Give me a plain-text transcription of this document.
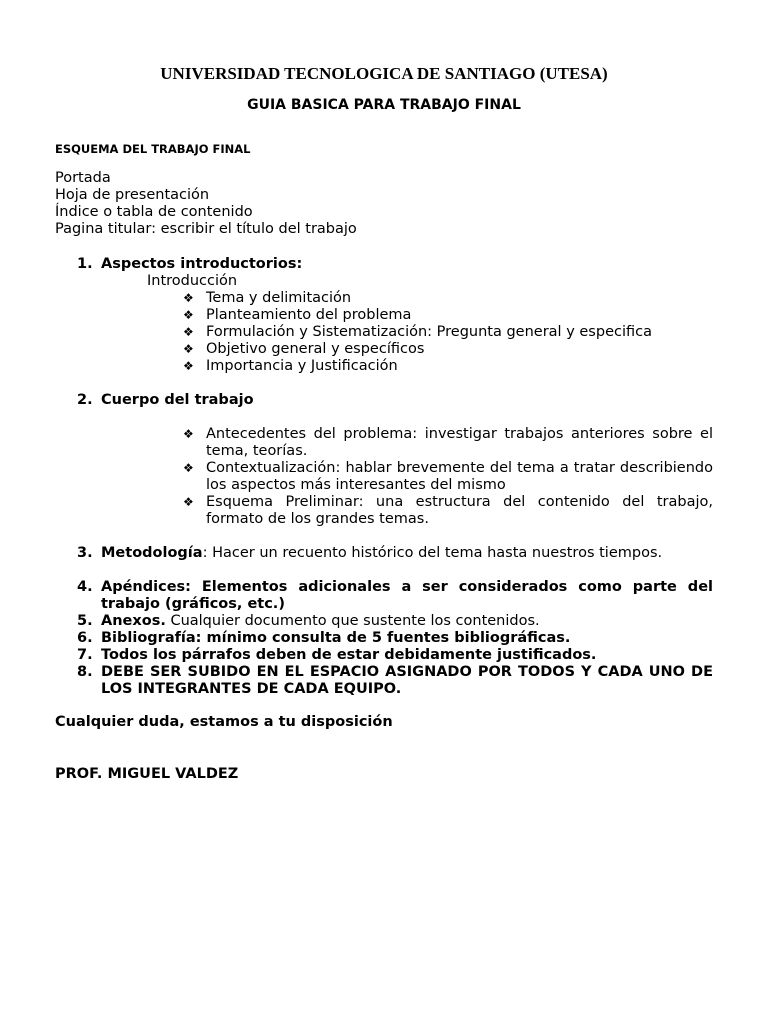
UNIVERSIDAD TECNOLOGICA DE SANTIAGO (UTESA)
GUIA BASICA PARA TRABAJO FINAL
ESQUEMA DEL TRABAJO FINAL
Portada
Hoja de presentación
Índice o tabla de contenido
Pagina titular: escribir el título del trabajo
1. Aspectos introductorios:
Introducción
❖ Tema y delimitación
❖ Planteamiento del problema
❖ Formulación y Sistematización: Pregunta general y especifica
❖ Objetivo general y específicos
❖ Importancia y Justificación
2. Cuerpo del trabajo
❖ Antecedentes del problema: investigar trabajos anteriores sobre el tema, teorías.
❖ Contextualización: hablar brevemente del tema a tratar describiendo los aspectos más interesantes del mismo
❖ Esquema Preliminar: una estructura del contenido del trabajo, formato de los grandes temas.
3. Metodología: Hacer un recuento histórico del tema hasta nuestros tiempos.
4. Apéndices: Elementos adicionales a ser considerados como parte del trabajo (gráficos, etc.)
5. Anexos. Cualquier documento que sustente los contenidos.
6. Bibliografía: mínimo consulta de 5 fuentes bibliográficas.
7. Todos los párrafos deben de estar debidamente justificados.
8. DEBE SER SUBIDO EN EL ESPACIO ASIGNADO POR TODOS Y CADA UNO DE LOS INTEGRANTES DE CADA EQUIPO.
Cualquier duda, estamos a tu disposición
PROF. MIGUEL VALDEZ
